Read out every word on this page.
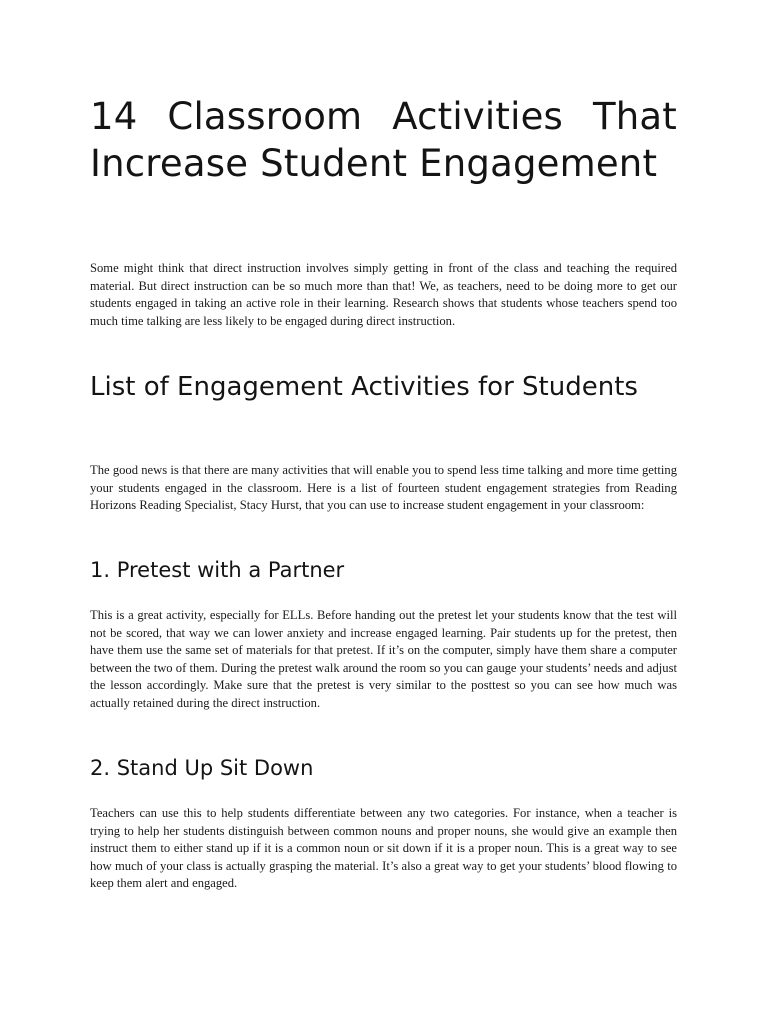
14 Classroom Activities That Increase Student Engagement

Some might think that direct instruction involves simply getting in front of the class and teaching the required material. But direct instruction can be so much more than that! We, as teachers, need to be doing more to get our students engaged in taking an active role in their learning. Research shows that students whose teachers spend too much time talking are less likely to be engaged during direct instruction.

List of Engagement Activities for Students

The good news is that there are many activities that will enable you to spend less time talking and more time getting your students engaged in the classroom. Here is a list of fourteen student engagement strategies from Reading Horizons Reading Specialist, Stacy Hurst, that you can use to increase student engagement in your classroom:

1. Pretest with a Partner

This is a great activity, especially for ELLs. Before handing out the pretest let your students know that the test will not be scored, that way we can lower anxiety and increase engaged learning. Pair students up for the pretest, then have them use the same set of materials for that pretest. If it’s on the computer, simply have them share a computer between the two of them. During the pretest walk around the room so you can gauge your students’ needs and adjust the lesson accordingly. Make sure that the pretest is very similar to the posttest so you can see how much was actually retained during the direct instruction.

2. Stand Up Sit Down

Teachers can use this to help students differentiate between any two categories. For instance, when a teacher is trying to help her students distinguish between common nouns and proper nouns, she would give an example then instruct them to either stand up if it is a common noun or sit down if it is a proper noun. This is a great way to see how much of your class is actually grasping the material. It’s also a great way to get your students’ blood flowing to keep them alert and engaged.
